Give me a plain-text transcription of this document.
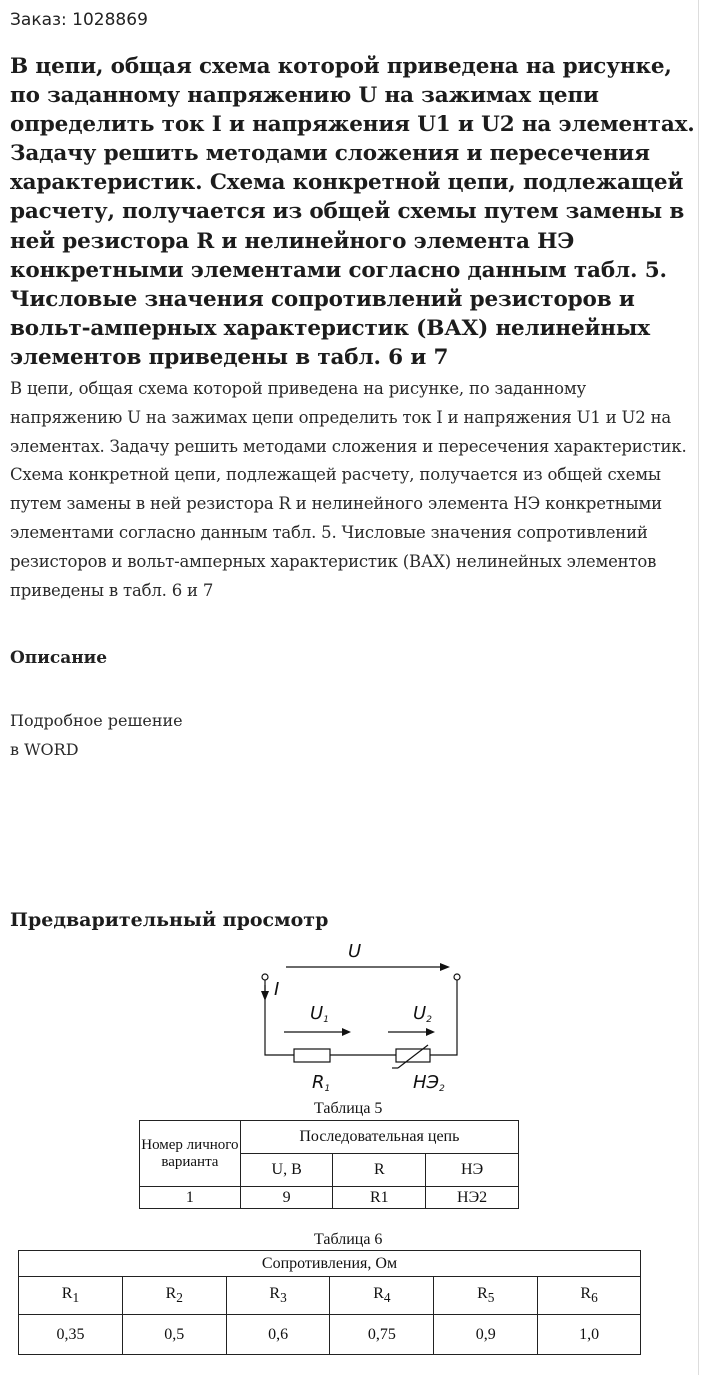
Заказ: 1028869
В цепи, общая схема которой приведена на рисунке, по заданному напряжению U на зажимах цепи определить ток I и напряжения U1 и U2 на элементах. Задачу решить методами сложения и пересечения характеристик. Схема конкретной цепи, подлежащей расчету, получается из общей схемы путем замены в ней резистора R и нелинейного элемента НЭ конкретными элементами согласно данным табл. 5. Числовые значения сопротивлений резисторов и вольт-амперных характеристик (ВАХ) нелинейных элементов приведены в табл. 6 и 7

В цепи, общая схема которой приведена на рисунке, по заданному напряжению U на зажимах цепи определить ток I и напряжения U1 и U2 на элементах. Задачу решить методами сложения и пересечения характеристик. Схема конкретной цепи, подлежащей расчету, получается из общей схемы путем замены в ней резистора R и нелинейного элемента НЭ конкретными элементами согласно данным табл. 5. Числовые значения сопротивлений резисторов и вольт-амперных характеристик (ВАХ) нелинейных элементов приведены в табл. 6 и 7

Описание
Подробное решение
в WORD
Предварительный просмотр
U
I
R1	НЭ2
U1	U2
Таблица 5
Номер личного варианта	Последовательная цепь		
	U, В	R	НЭ
1	9	R1	НЭ2
Таблица 6
Сопротивления, Ом					
$R_1$	$R_2$	$R_3$	$R_4$	$R_5$	$R_6$
0,35	0,5	0,6	0,75	0,9	1,0
